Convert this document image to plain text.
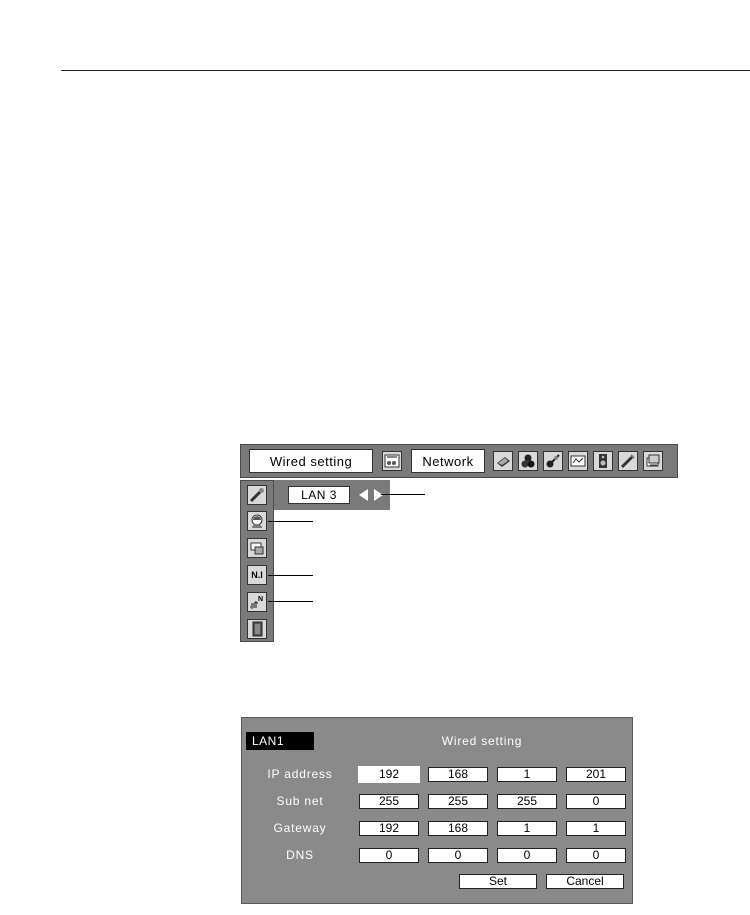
Wired setting	Network
N.I
N
LAN 3
LAN1	Wired setting
IP address	192	168	1	201
Sub net	255	255	255	0
Gateway	192	168	1	1
DNS	0	0	0	0
Set	Cancel
